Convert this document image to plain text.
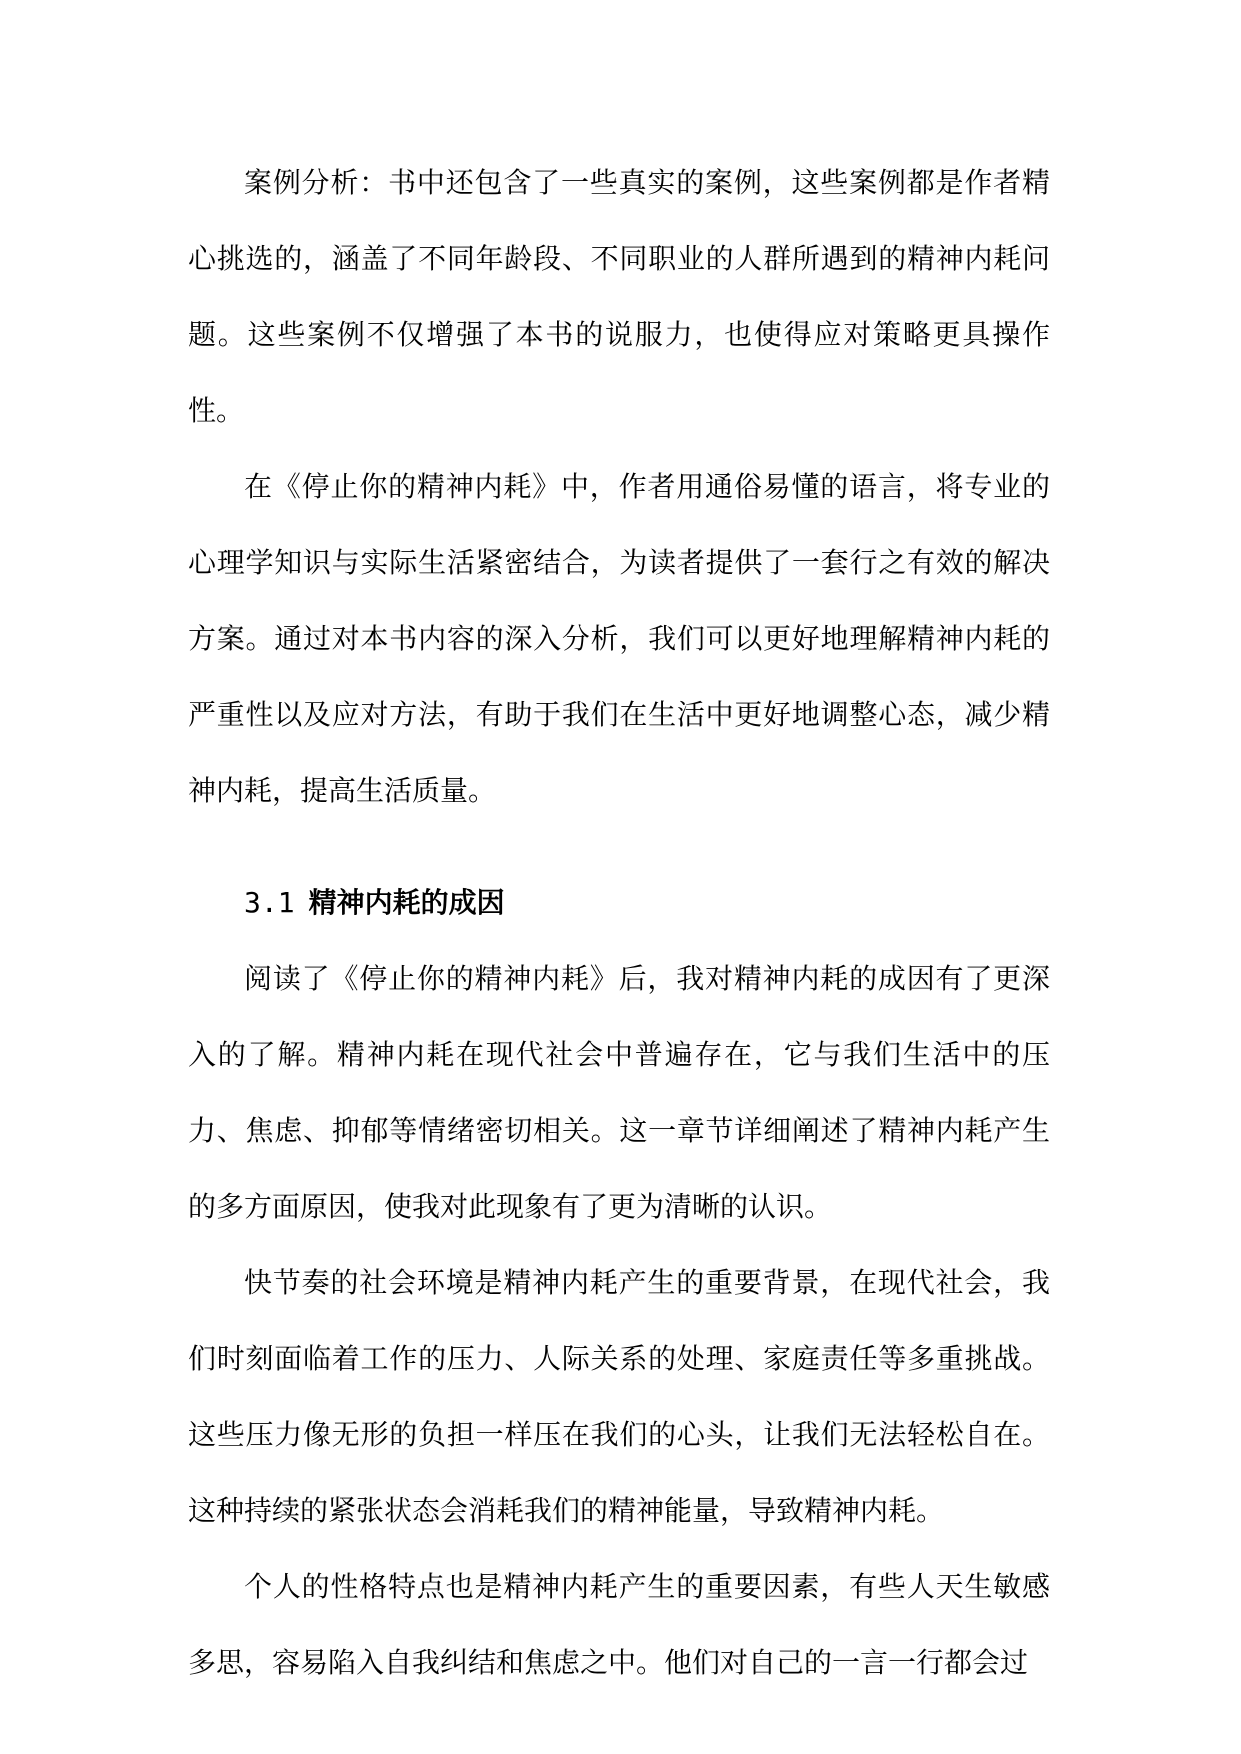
案例分析：书中还包含了一些真实的案例，这些案例都是作者精心挑选的，涵盖了不同年龄段、不同职业的人群所遇到的精神内耗问题。这些案例不仅增强了本书的说服力，也使得应对策略更具操作性。

在《停止你的精神内耗》中，作者用通俗易懂的语言，将专业的心理学知识与实际生活紧密结合，为读者提供了一套行之有效的解决方案。通过对本书内容的深入分析，我们可以更好地理解精神内耗的严重性以及应对方法，有助于我们在生活中更好地调整心态，减少精神内耗，提高生活质量。

3.1 精神内耗的成因

阅读了《停止你的精神内耗》后，我对精神内耗的成因有了更深入的了解。精神内耗在现代社会中普遍存在，它与我们生活中的压力、焦虑、抑郁等情绪密切相关。这一章节详细阐述了精神内耗产生的多方面原因，使我对此现象有了更为清晰的认识。

快节奏的社会环境是精神内耗产生的重要背景，在现代社会，我们时刻面临着工作的压力、人际关系的处理、家庭责任等多重挑战。这些压力像无形的负担一样压在我们的心头，让我们无法轻松自在。这种持续的紧张状态会消耗我们的精神能量，导致精神内耗。

个人的性格特点也是精神内耗产生的重要因素，有些人天生敏感多思，容易陷入自我纠结和焦虑之中。他们对自己的一言一行都会过
